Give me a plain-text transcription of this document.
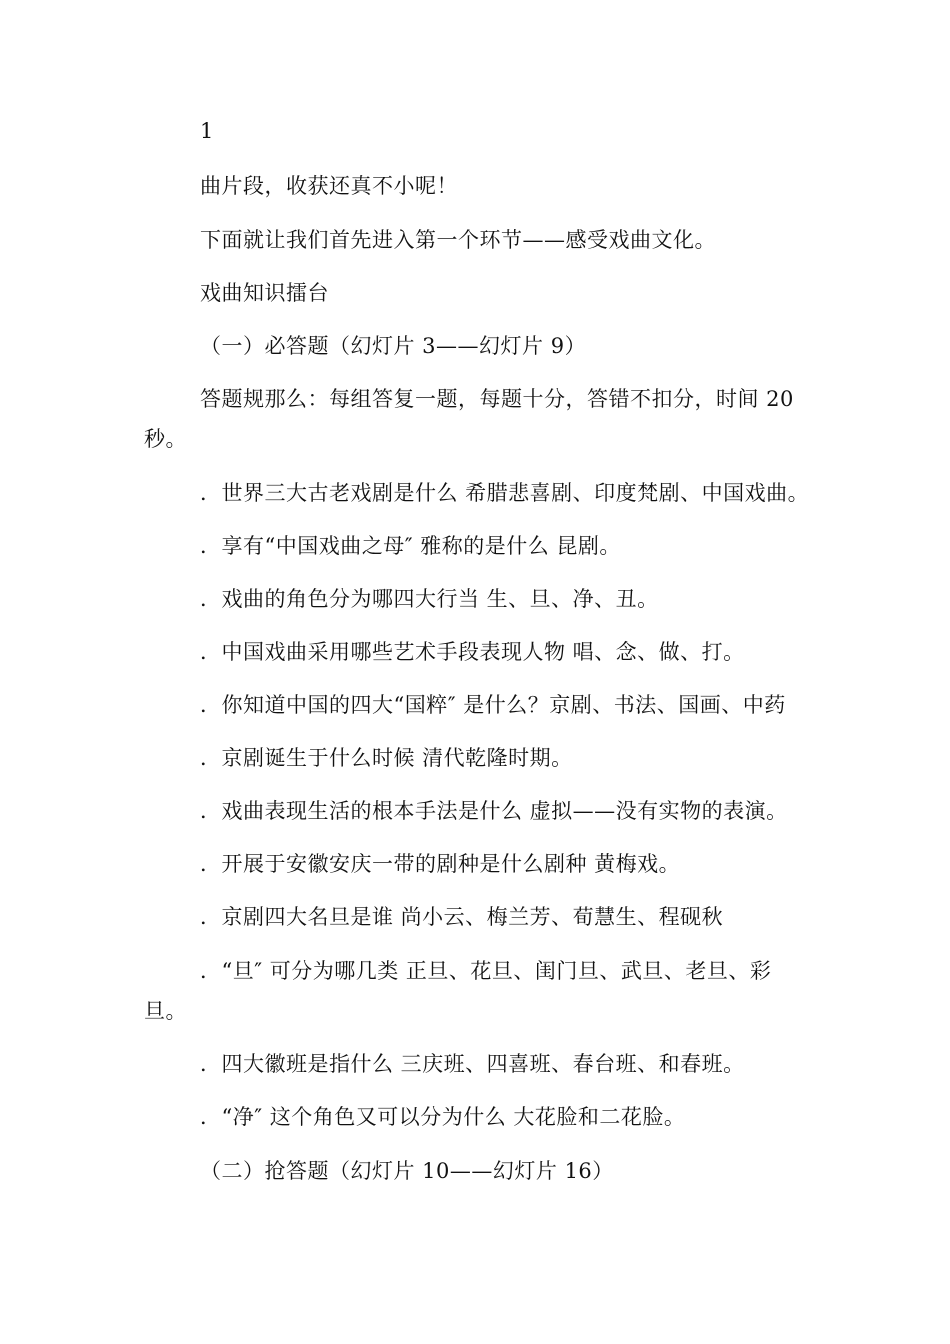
1
曲片段，收获还真不小呢！
下面就让我们首先进入第一个环节——感受戏曲文化。
戏曲知识擂台
（一）必答题（幻灯片 3——幻灯片 9）
答题规那么：每组答复一题，每题十分，答错不扣分，时间 20
秒。
．世界三大古老戏剧是什么 希腊悲喜剧、印度梵剧、中国戏曲。
．享有“中国戏曲之母″ 雅称的是什么 昆剧。
．戏曲的角色分为哪四大行当 生、旦、净、丑。
．中国戏曲采用哪些艺术手段表现人物 唱、念、做、打。
．你知道中国的四大“国粹″ 是什么？京剧、书法、国画、中药
．京剧诞生于什么时候 清代乾隆时期。
．戏曲表现生活的根本手法是什么 虚拟——没有实物的表演。
．开展于安徽安庆一带的剧种是什么剧种 黄梅戏。
．京剧四大名旦是谁 尚小云、梅兰芳、荀慧生、程砚秋
．“旦″ 可分为哪几类 正旦、花旦、闺门旦、武旦、老旦、彩
旦。
．四大徽班是指什么 三庆班、四喜班、春台班、和春班。
．“净″ 这个角色又可以分为什么 大花脸和二花脸。
（二）抢答题（幻灯片 10——幻灯片 16）
